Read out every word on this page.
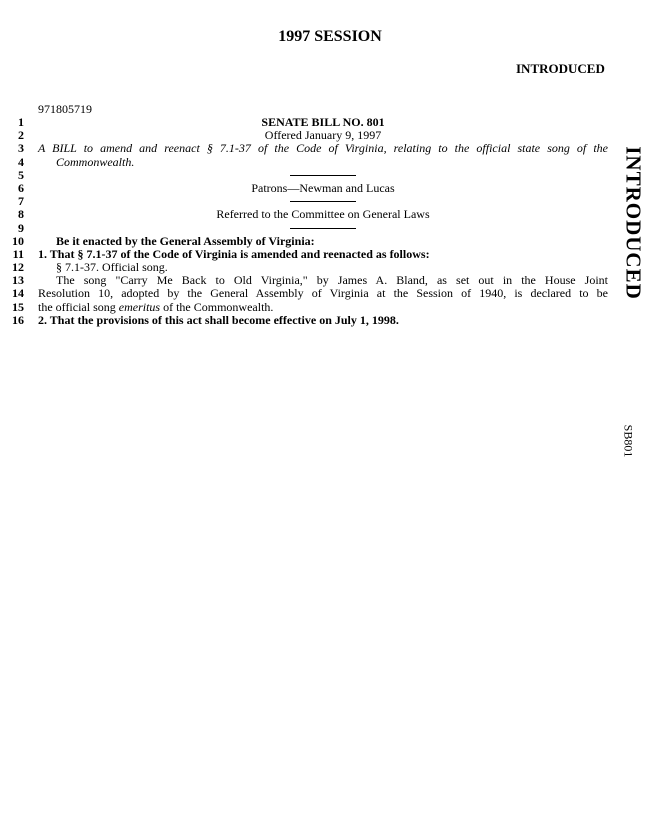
1997 SESSION
INTRODUCED
971805719
1	SENATE BILL NO. 801
2	Offered January 9, 1997
3 A BILL to amend and reenact § 7.1-37 of the Code of Virginia, relating to the official state song of the
4	Commonwealth.
5
6	Patrons—Newman and Lucas
7
8	Referred to the Committee on General Laws
9
10	Be it enacted by the General Assembly of Virginia:
11 1. That § 7.1-37 of the Code of Virginia is amended and reenacted as follows:
12	§ 7.1-37. Official song.
13	The song "Carry Me Back to Old Virginia," by James A. Bland, as set out in the House Joint
14 Resolution 10, adopted by the General Assembly of Virginia at the Session of 1940, is declared to be
15 the official song emeritus of the Commonwealth.
16 2. That the provisions of this act shall become effective on July 1, 1998.
INTRODUCED
SB801
